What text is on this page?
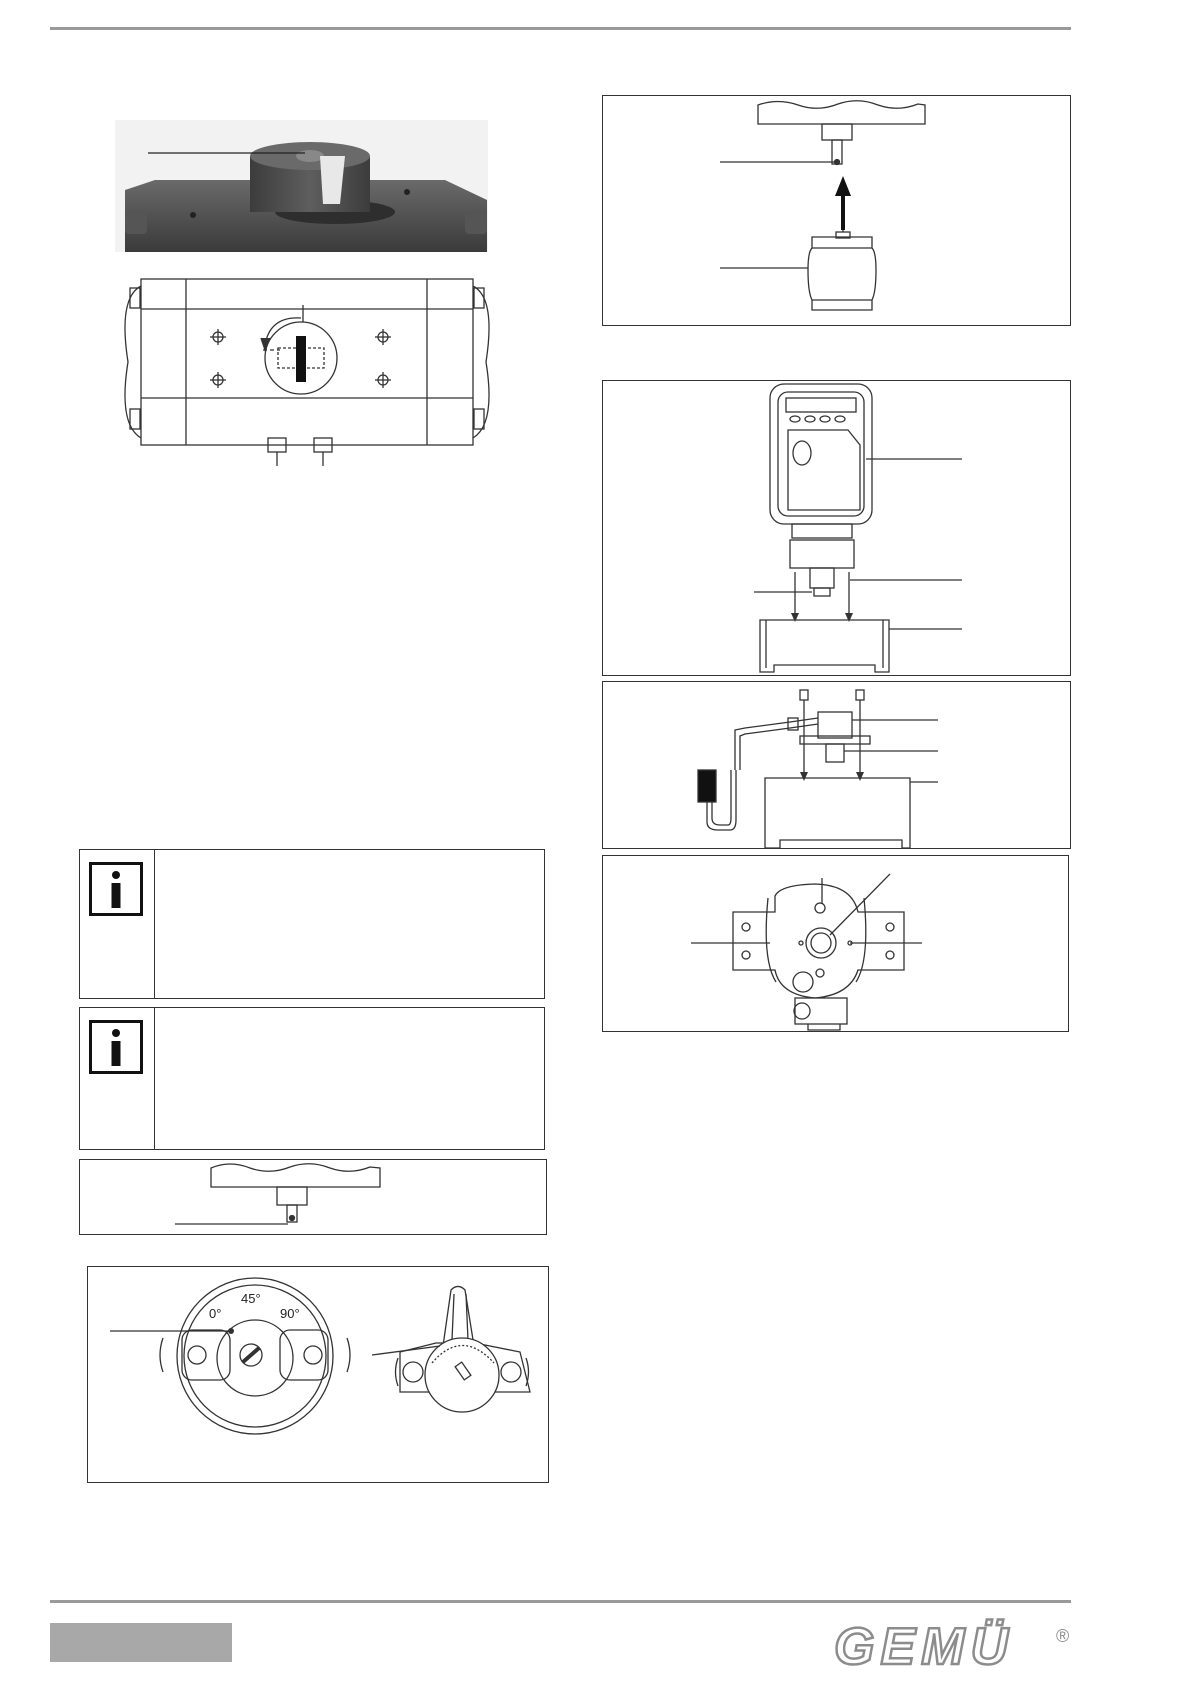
0°
45°
90°
GEMÜ ®
